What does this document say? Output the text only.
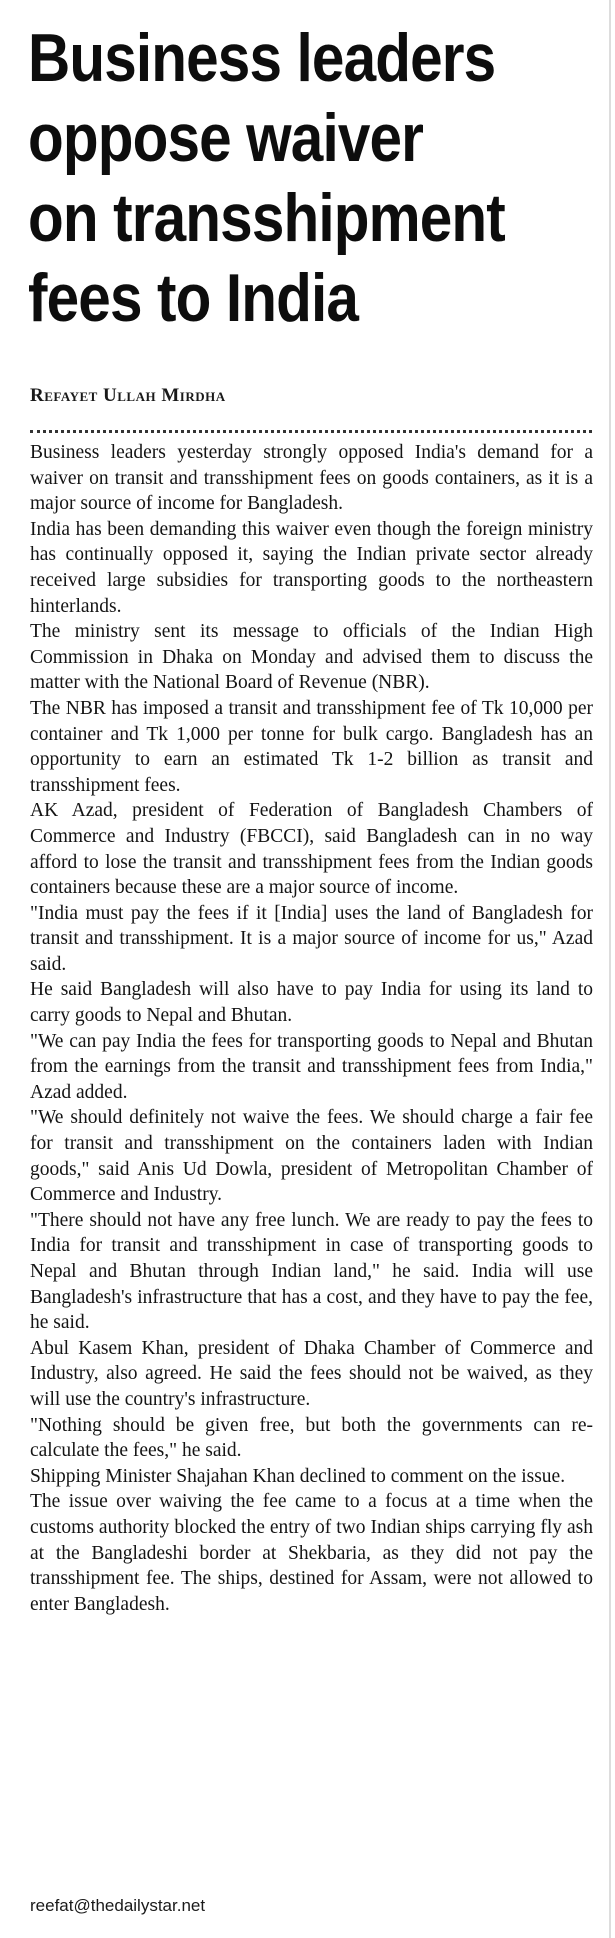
Business leaders
oppose waiver
on transshipment
fees to India
Refayet Ullah Mirdha

Business leaders yesterday strongly opposed India's demand for a waiver on transit and transshipment fees on goods containers, as it is a major source of income for Bangladesh.

India has been demanding this waiver even though the foreign ministry has continually opposed it, saying the Indian private sector already received large subsidies for transporting goods to the northeastern hinterlands.

The ministry sent its message to officials of the Indian High Commission in Dhaka on Monday and advised them to discuss the matter with the National Board of Revenue (NBR).

The NBR has imposed a transit and transshipment fee of Tk 10,000 per container and Tk 1,000 per tonne for bulk cargo. Bangladesh has an opportunity to earn an estimated Tk 1-2 billion as transit and transshipment fees.

AK Azad, president of Federation of Bangladesh Chambers of Commerce and Industry (FBCCI), said Bangladesh can in no way afford to lose the transit and transshipment fees from the Indian goods containers because these are a major source of income.

"India must pay the fees if it [India] uses the land of Bangladesh for transit and transshipment. It is a major source of income for us," Azad said.

He said Bangladesh will also have to pay India for using its land to carry goods to Nepal and Bhutan.

"We can pay India the fees for transporting goods to Nepal and Bhutan from the earnings from the transit and transshipment fees from India," Azad added.

"We should definitely not waive the fees. We should charge a fair fee for transit and transshipment on the containers laden with Indian goods," said Anis Ud Dowla, president of Metropolitan Chamber of Commerce and Industry.

"There should not have any free lunch. We are ready to pay the fees to India for transit and transshipment in case of transporting goods to Nepal and Bhutan through Indian land," he said. India will use Bangladesh's infrastructure that has a cost, and they have to pay the fee, he said.

Abul Kasem Khan, president of Dhaka Chamber of Commerce and Industry, also agreed. He said the fees should not be waived, as they will use the country's infrastructure.

"Nothing should be given free, but both the governments can re-calculate the fees," he said.

Shipping Minister Shajahan Khan declined to comment on the issue.

The issue over waiving the fee came to a focus at a time when the customs authority blocked the entry of two Indian ships carrying fly ash at the Bangladeshi border at Shekbaria, as they did not pay the transshipment fee. The ships, destined for Assam, were not allowed to enter Bangladesh.

reefat@thedailystar.net
